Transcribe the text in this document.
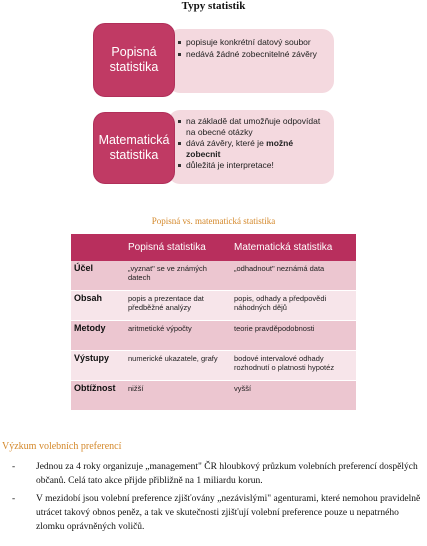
Typy statistik
popisuje konkrétní datový soubor
nedává žádné zobecnitelné závěry
Popisná statistika
na základě dat umožňuje odpovídat na obecné otázky
dává závěry, které je možné zobecnit
důležitá je interpretace!
Matematická statistika
Popisná vs. matematická statistika
	Popisná statistika	Matematická statistika
Účel	„vyznat" se ve známých datech	„odhadnout" neznámá data
Obsah	popis a prezentace dat předběžné analýzy	popis, odhady a předpovědi náhodných dějů
Metody	aritmetické výpočty	teorie pravděpodobnosti
Výstupy	numerické ukazatele, grafy	bodové intervalové odhady rozhodnutí o platnosti hypotéz
Obtížnost	nižší	vyšší
Výzkum volebních preferencí
- Jednou za 4 roky organizuje „management" ČR hloubkový průzkum volebních preferencí dospělých občanů. Celá tato akce přijde přibližně na 1 miliardu korun.
- V mezidobí jsou volební preference zjišťovány „nezávislými" agenturami, které nemohou pravidelně utrácet takový obnos peněz, a tak ve skutečnosti zjišťují volební preference pouze u nepatrného zlomku oprávněných voličů.
